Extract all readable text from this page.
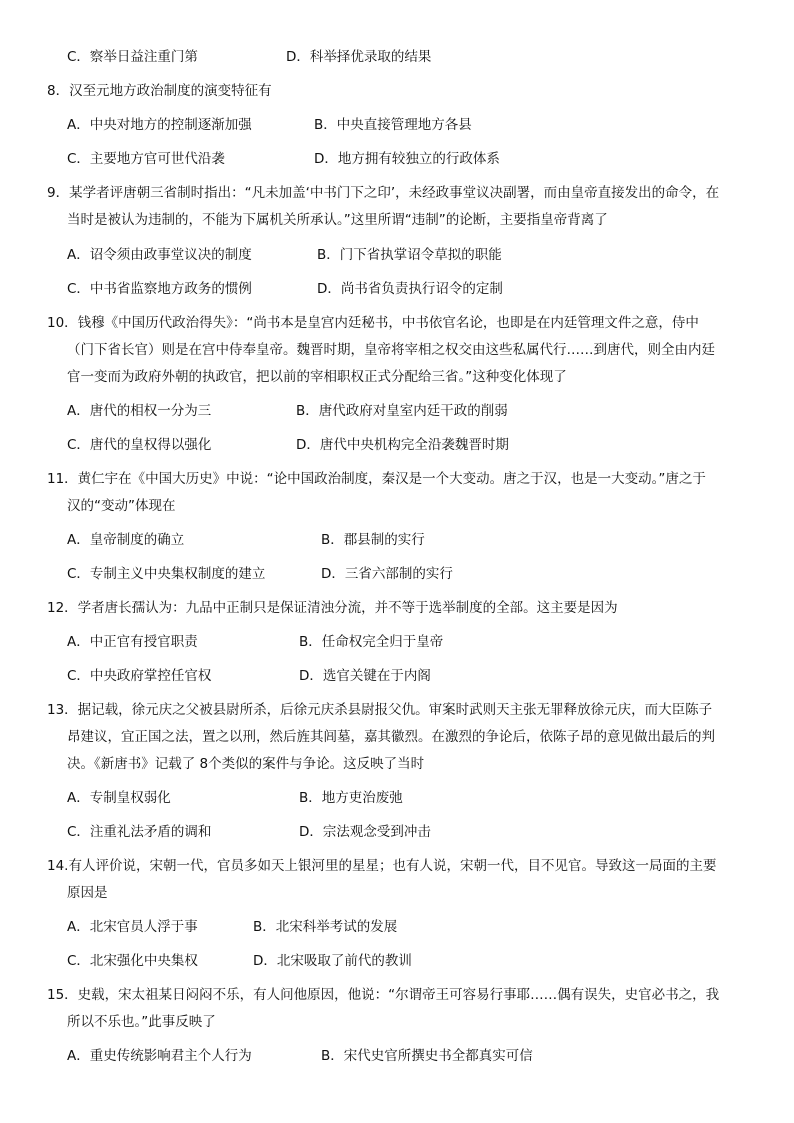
C．察举日益注重门第	D．科举择优录取的结果
8．汉至元地方政治制度的演变特征有
A．中央对地方的控制逐渐加强	B．中央直接管理地方各县
C．主要地方官可世代沿袭	D．地方拥有较独立的行政体系
9．某学者评唐朝三省制时指出：“凡未加盖‘中书门下之印’，未经政事堂议决副署，而由皇帝直接发出的命令，在
当时是被认为违制的，不能为下属机关所承认。”这里所谓“违制”的论断，主要指皇帝背离了
A．诏令须由政事堂议决的制度	B．门下省执掌诏令草拟的职能
C．中书省监察地方政务的惯例	D．尚书省负责执行诏令的定制
10．钱穆《中国历代政治得失》：“尚书本是皇宫内廷秘书，中书依官名论，也即是在内廷管理文件之意，侍中
（门下省长官）则是在宫中侍奉皇帝。魏晋时期，皇帝将宰相之权交由这些私属代行……到唐代，则全由内廷
官一变而为政府外朝的执政官，把以前的宰相职权正式分配给三省。”这种变化体现了
A．唐代的相权一分为三	B．唐代政府对皇室内廷干政的削弱
C．唐代的皇权得以强化	D．唐代中央机构完全沿袭魏晋时期
11．黄仁宇在《中国大历史》中说：“论中国政治制度，秦汉是一个大变动。唐之于汉，也是一大变动。”唐之于
汉的“变动”体现在
A．皇帝制度的确立	B．郡县制的实行
C．专制主义中央集权制度的建立	D．三省六部制的实行
12．学者唐长孺认为：九品中正制只是保证清浊分流，并不等于选举制度的全部。这主要是因为
A．中正官有授官职责	B．任命权完全归于皇帝
C．中央政府掌控任官权	D．选官关键在于内阁
13．据记载，徐元庆之父被县尉所杀，后徐元庆杀县尉报父仇。审案时武则天主张无罪释放徐元庆，而大臣陈子
昂建议，宜正国之法，置之以刑，然后旌其闾墓，嘉其徽烈。在激烈的争论后，依陈子昂的意见做出最后的判
决。《新唐书》记载了 8个类似的案件与争论。这反映了当时
A．专制皇权弱化	B．地方吏治废弛
C．注重礼法矛盾的调和	D．宗法观念受到冲击
14.有人评价说，宋朝一代，官员多如天上银河里的星星；也有人说，宋朝一代，目不见官。导致这一局面的主要
原因是
A．北宋官员人浮于事	B．北宋科举考试的发展
C．北宋强化中央集权	D．北宋吸取了前代的教训
15．史载，宋太祖某日闷闷不乐，有人问他原因，他说：“尔谓帝王可容易行事耶……偶有误失，史官必书之，我
所以不乐也。”此事反映了
A．重史传统影响君主个人行为	B．宋代史官所撰史书全都真实可信
